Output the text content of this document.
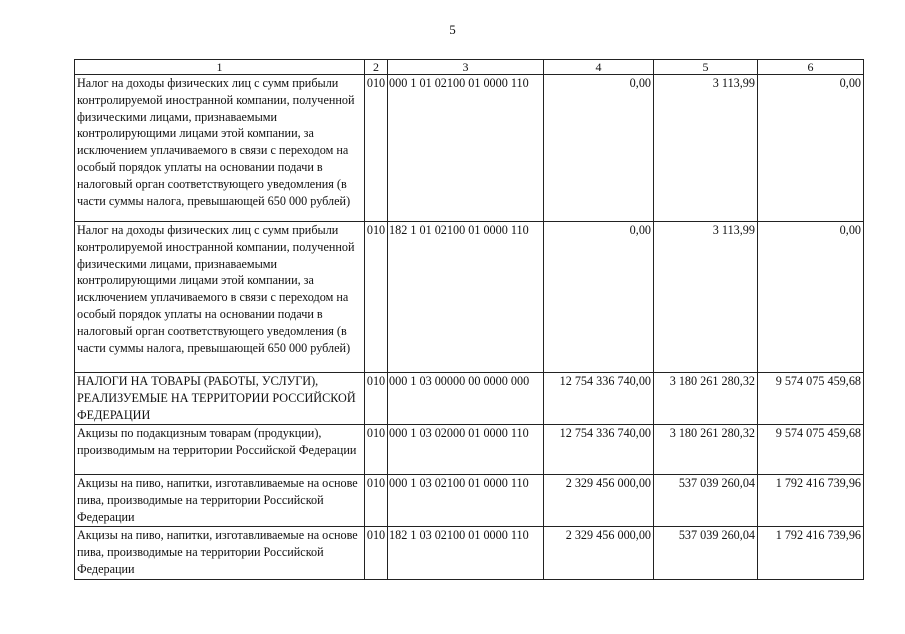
5
1	2	3	4	5	6
Налог на доходы физических лиц с сумм прибыли контролируемой иностранной компании, полученной физическими лицами, признаваемыми контролирующими лицами этой компании, за исключением уплачиваемого в связи с переходом на особый порядок уплаты на основании подачи в налоговый орган соответствующего уведомления (в части суммы налога, превышающей 650 000 рублей)	010	000 1 01 02100 01 0000 110	0,00	3 113,99	0,00
Налог на доходы физических лиц с сумм прибыли контролируемой иностранной компании, полученной физическими лицами, признаваемыми контролирующими лицами этой компании, за исключением уплачиваемого в связи с переходом на особый порядок уплаты на основании подачи в налоговый орган соответствующего уведомления (в части суммы налога, превышающей 650 000 рублей)	010	182 1 01 02100 01 0000 110	0,00	3 113,99	0,00
НАЛОГИ НА ТОВАРЫ (РАБОТЫ, УСЛУГИ), РЕАЛИЗУЕМЫЕ НА ТЕРРИТОРИИ РОССИЙСКОЙ ФЕДЕРАЦИИ	010	000 1 03 00000 00 0000 000	12 754 336 740,00	3 180 261 280,32	9 574 075 459,68
Акцизы по подакцизным товарам (продукции), производимым на территории Российской Федерации	010	000 1 03 02000 01 0000 110	12 754 336 740,00	3 180 261 280,32	9 574 075 459,68
Акцизы на пиво, напитки, изготавливаемые на основе пива, производимые на территории Российской Федерации	010	000 1 03 02100 01 0000 110	2 329 456 000,00	537 039 260,04	1 792 416 739,96
Акцизы на пиво, напитки, изготавливаемые на основе пива, производимые на территории Российской Федерации	010	182 1 03 02100 01 0000 110	2 329 456 000,00	537 039 260,04	1 792 416 739,96
